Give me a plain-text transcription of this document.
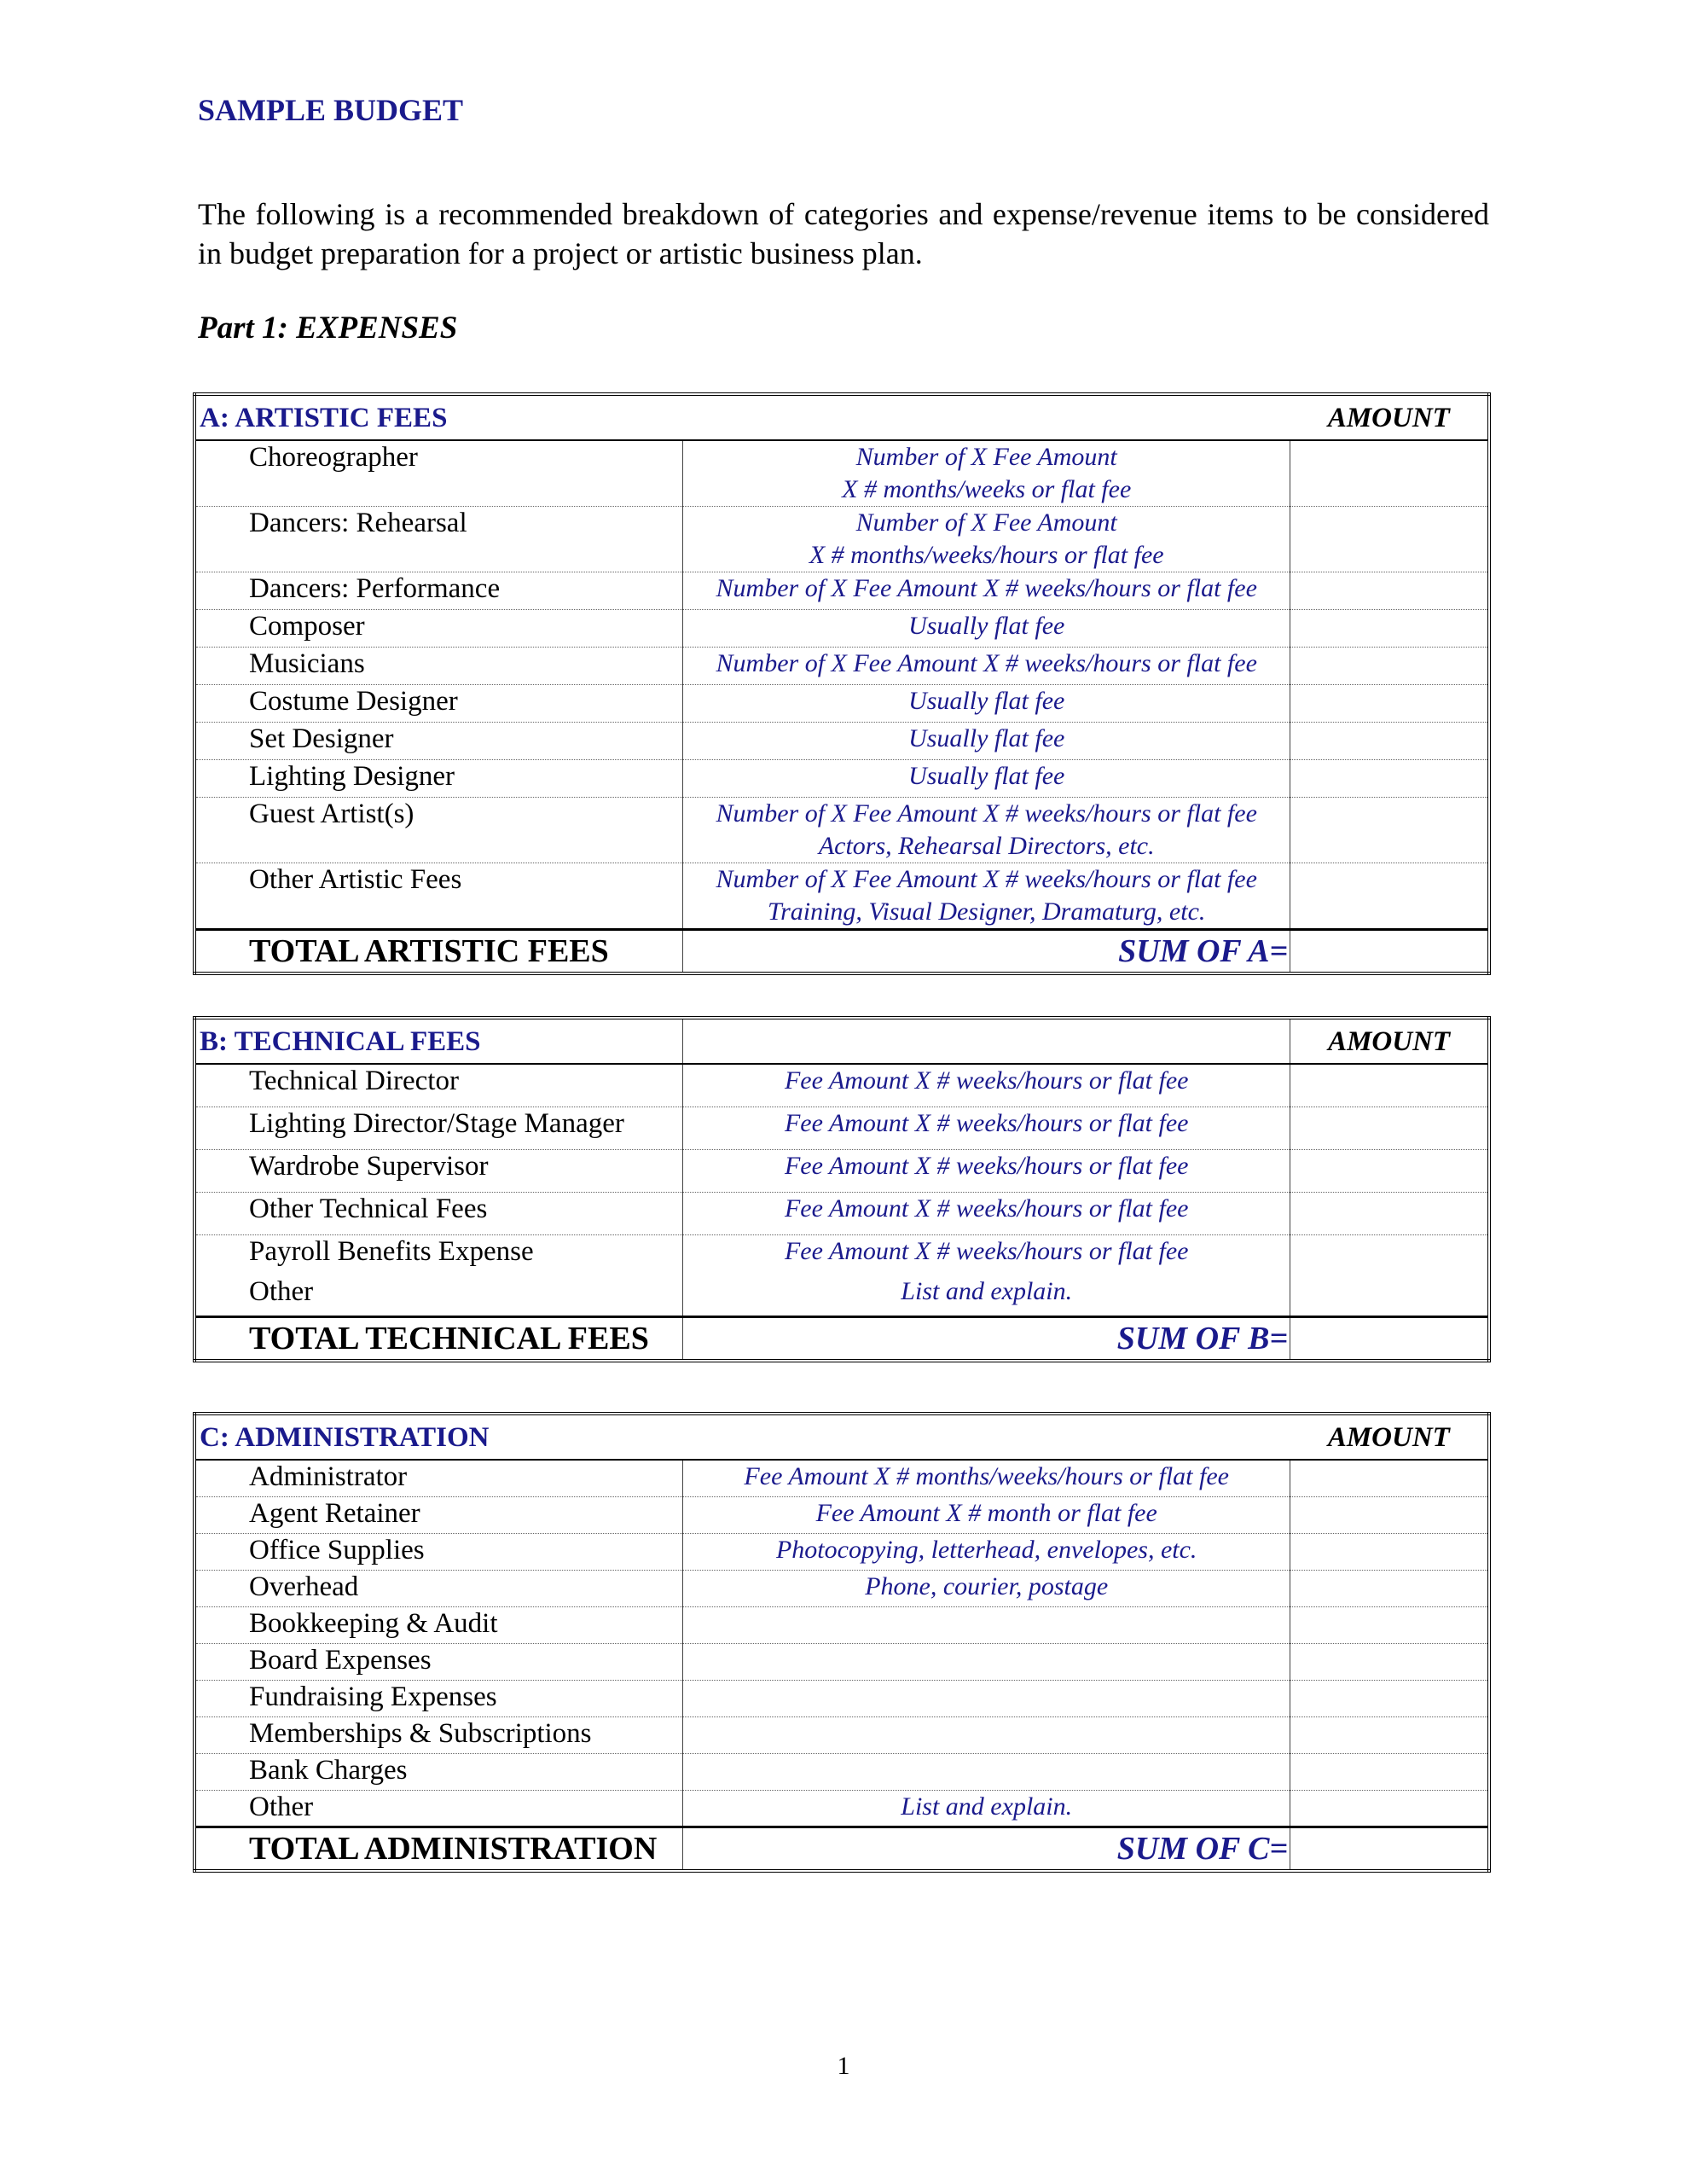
SAMPLE BUDGET

The following is a recommended breakdown of categories and expense/revenue items to be considered in budget preparation for a project or artistic business plan.

Part 1: EXPENSES
A: ARTISTIC FEES		AMOUNT
Choreographer	Number of X Fee Amount
X # months/weeks or flat fee	

Dancers: Rehearsal	Number of X Fee Amount
X # months/weeks/hours or flat fee	

Dancers: Performance	Number of X Fee Amount X # weeks/hours or flat fee	

Composer	Usually flat fee	

Musicians	Number of X Fee Amount X # weeks/hours or flat fee	

Costume Designer	Usually flat fee	

Set Designer	Usually flat fee	

Lighting Designer	Usually flat fee	

Guest Artist(s)	Number of X Fee Amount X # weeks/hours or flat fee
Actors, Rehearsal Directors, etc.	

Other Artistic Fees	Number of X Fee Amount X # weeks/hours or flat fee
Training, Visual Designer, Dramaturg, etc.	

TOTAL ARTISTIC FEES	SUM OF A=	
B: TECHNICAL FEES		AMOUNT
Technical Director	Fee Amount X # weeks/hours or flat fee	

Lighting Director/Stage Manager	Fee Amount X # weeks/hours or flat fee	

Wardrobe Supervisor	Fee Amount X # weeks/hours or flat fee	

Other Technical Fees	Fee Amount X # weeks/hours or flat fee	

Payroll Benefits Expense	Fee Amount X # weeks/hours or flat fee	

Other	List and explain.	

TOTAL TECHNICAL FEES	SUM OF B=	
C: ADMINISTRATION		AMOUNT
Administrator	Fee Amount X # months/weeks/hours or flat fee	

Agent Retainer	Fee Amount X # month or flat fee	

Office Supplies	Photocopying, letterhead, envelopes, etc.	

Overhead	Phone, courier, postage	

Bookkeeping & Audit		
Board Expenses		
Fundraising Expenses		
Memberships & Subscriptions		
Bank Charges		
Other	List and explain.	

TOTAL ADMINISTRATION	SUM OF C=	
1
